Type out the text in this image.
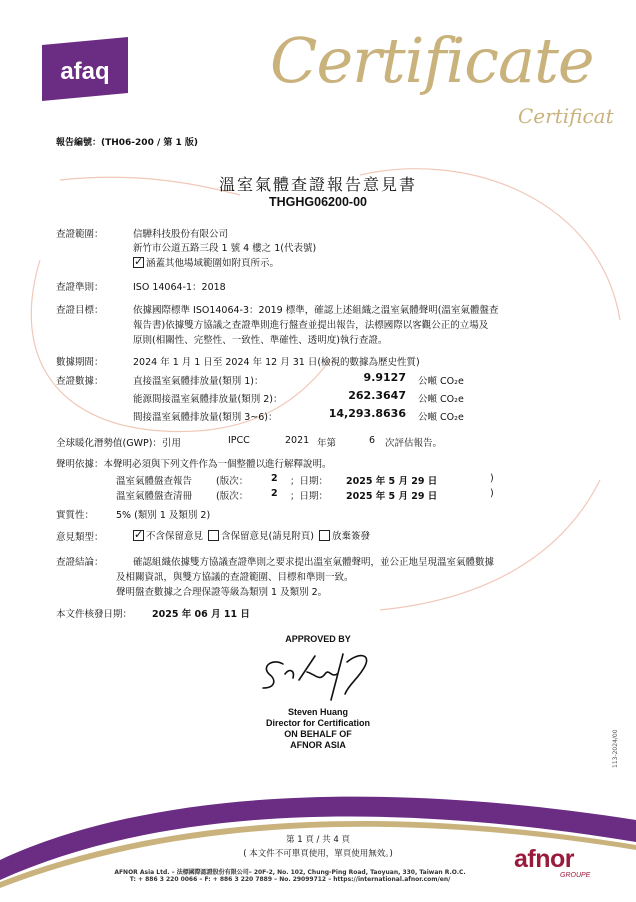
afaq	Certificate
Certificat
報告編號：(TH06-200 / 第 1 版)
溫室氣體查證報告意見書
THGHG06200-00
查證範圍：	信驊科技股份有限公司
新竹市公道五路三段 1 號 4 樓之 1(代表號)
✓涵蓋其他場域範圍如附頁所示。
查證準則：	ISO 14064-1：2018
查證目標：	依據國際標準 ISO14064-3：2019 標準，確認上述組織之溫室氣體聲明(溫室氣體盤查
報告書)依據雙方協議之查證準則進行盤查並提出報告，法標國際以客觀公正的立場及
原則(相關性、完整性、一致性、準確性、透明度)執行查證。
數據期間：	2024 年 1 月 1 日至 2024 年 12 月 31 日(檢視的數據為歷史性質)
查證數據：	直接溫室氣體排放量(類別 1)：	9.9127 公噸 CO₂e
能源間接溫室氣體排放量(類別 2)：	262.3647 公噸 CO₂e
間接溫室氣體排放量(類別 3~6)：	14,293.8636 公噸 CO₂e
全球暖化潛勢值(GWP)：引用	IPCC	2021 年第	6 次評估報告。
聲明依據：本聲明必須與下列文件作為一個整體以進行解釋說明。
溫室氣體盤查報告	(版次： 2 ；日期： 2025 年 5 月 29 日	)
溫室氣體盤查清冊	(版次： 2 ；日期： 2025 年 5 月 29 日	)
實質性： 5% (類別 1 及類別 2)
意見類型：
✓	不含保留意見 含保留意見(請見附頁) 放棄簽發
查證結論：	確認組織依據雙方協議查證準則之要求提出溫室氣體聲明，並公正地呈現溫室氣體數據
及相關資訊，與雙方協議的查證範圍、目標和準則一致。
聲明盤查數據之合理保證等級為類別 1 及類別 2。
本文件核發日期： 2025 年 06 月 11 日
APPROVED BY
Steven Huang
Director for Certification
ON BEHALF OF
AFNOR ASIA	113-2024/00
第 1 頁 / 共 4 頁
( 本文件不可單頁使用，單頁使用無效。)
AFNOR Asia Ltd. – 法標國際認證股份有限公司– 20F-2, No. 102, Chung-Ping Road, Taoyuan, 330, Taiwan R.O.C.
T: + 886 3 220 0066 – F: + 886 3 220 7889 – No. 29099712 – https://international.afnor.com/en/
afnor
GROUPE
